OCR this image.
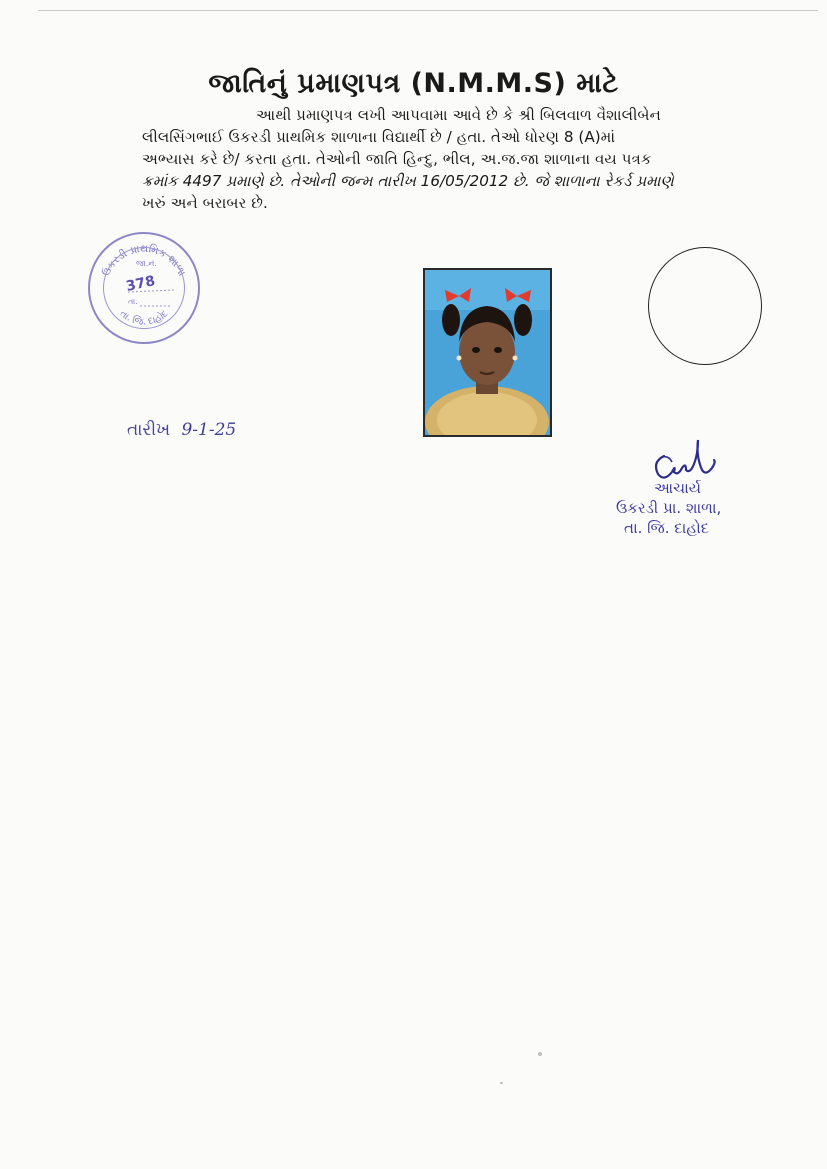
જાતિનું પ્રમાણપત્ર (N.M.M.S) માટે

આથી પ્રમાણપત્ર લખી આપવામા આવે છે કે શ્રી બિલવાળ વૈશાલીબેન
લીલસિંગભાઈ ઉકરડી પ્રાથમિક શાળાના વિદ્યાર્થી છે / હતા. તેઓ ધોરણ 8 (A)માં
અભ્યાસ કરે છે/ કરતા હતા. તેઓની જાતિ હિન્દુ, ભીલ, અ.જ.જા શાળાના વય પત્રક
ક્રમાંક 4497 પ્રમાણે છે. તેઓની જન્મ તારીખ 16/05/2012 છે. જે શાળાના રેકર્ડ પ્રમાણે
ખરું અને બરાબર છે.

ઉકરડી પ્રાથમિક શાળા
તા. જિ. દાહોદ
જા.નં.
તા.
378
તારીખ 9-1-25
આચાર્ય
ઉકરડી પ્રા. શાળા,
તા. જિ. દાહોદ
